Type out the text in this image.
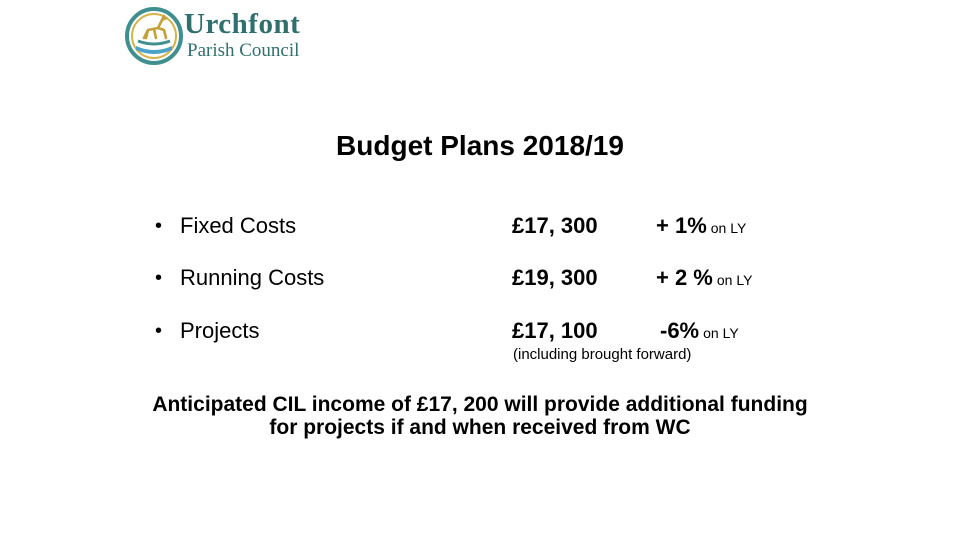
Urchfont
Parish Council
Budget Plans 2018/19
• Fixed Costs	£17, 300	+ 1% on LY
• Running Costs	£19, 300	+ 2 % on LY
• Projects	£17, 100	-6% on LY
(including brought forward)
Anticipated CIL income of £17, 200 will provide additional funding
for projects if and when received from WC
